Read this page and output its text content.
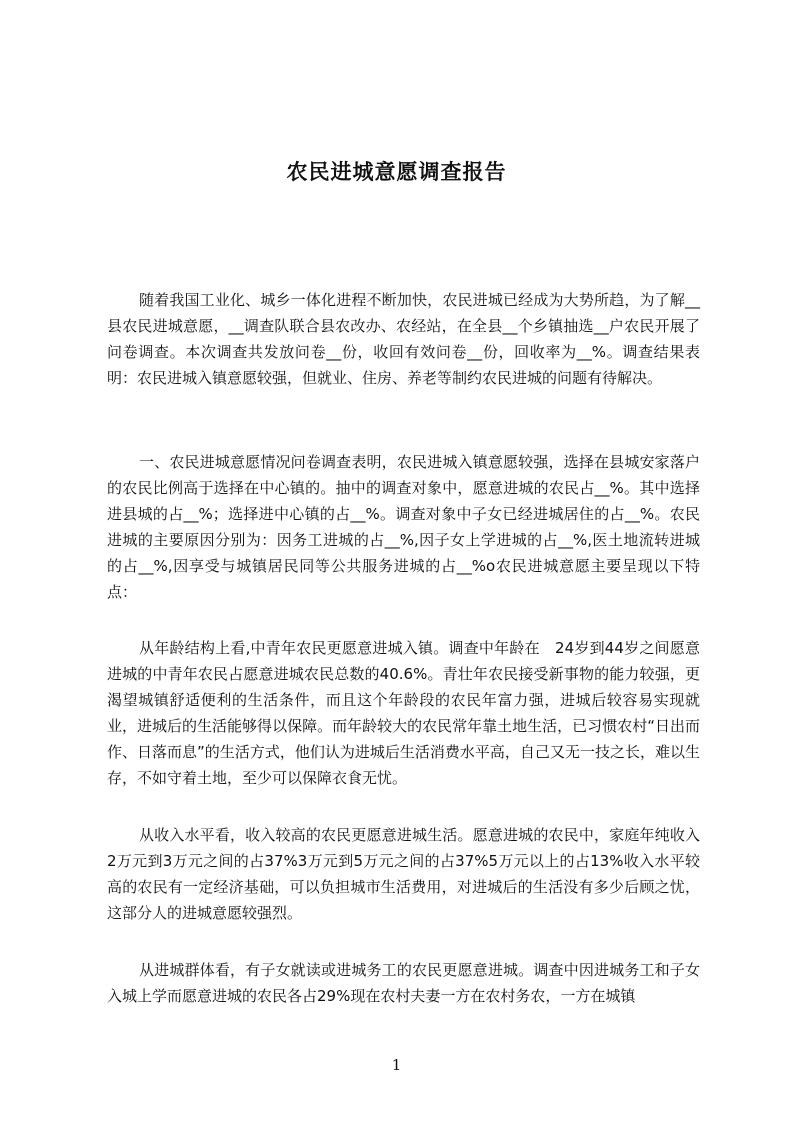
农民进城意愿调查报告

随着我国工业化、城乡一体化进程不断加快，农民进城已经成为大势所趋，为了解__县农民进城意愿，__调查队联合县农改办、农经站，在全县__个乡镇抽选__户农民开展了问卷调查。本次调查共发放问卷__份，收回有效问卷__份，回收率为__%。调查结果表明：农民进城入镇意愿较强，但就业、住房、养老等制约农民进城的问题有待解决。

一、农民进城意愿情况问卷调查表明，农民进城入镇意愿较强，选择在县城安家落户的农民比例高于选择在中心镇的。抽中的调查对象中，愿意进城的农民占__%。其中选择进县城的占__%；选择进中心镇的占__%。调查对象中子女已经进城居住的占__%。农民进城的主要原因分别为：因务工进城的占__%,因子女上学进城的占__%,医土地流转进城的占__%,因享受与城镇居民同等公共服务进城的占__%o农民进城意愿主要呈现以下特点：

从年龄结构上看,中青年农民更愿意进城入镇。调查中年龄在　24岁到44岁之间愿意进城的中青年农民占愿意进城农民总数的40.6%。青壮年农民接受新事物的能力较强，更渴望城镇舒适便利的生活条件，而且这个年龄段的农民年富力强，进城后较容易实现就业，进城后的生活能够得以保障。而年龄较大的农民常年靠土地生活，已习惯农村“日出而作、日落而息”的生活方式，他们认为进城后生活消费水平高，自己又无一技之长，难以生存，不如守着土地，至少可以保障衣食无忧。

从收入水平看，收入较高的农民更愿意进城生活。愿意进城的农民中，家庭年纯收入2万元到3万元之间的占37%3万元到5万元之间的占37%5万元以上的占13%收入水平较高的农民有一定经济基础，可以负担城市生活费用，对进城后的生活没有多少后顾之忧，这部分人的进城意愿较强烈。

从进城群体看，有子女就读或进城务工的农民更愿意进城。调查中因进城务工和子女入城上学而愿意进城的农民各占29%现在农村夫妻一方在农村务农，一方在城镇

1
